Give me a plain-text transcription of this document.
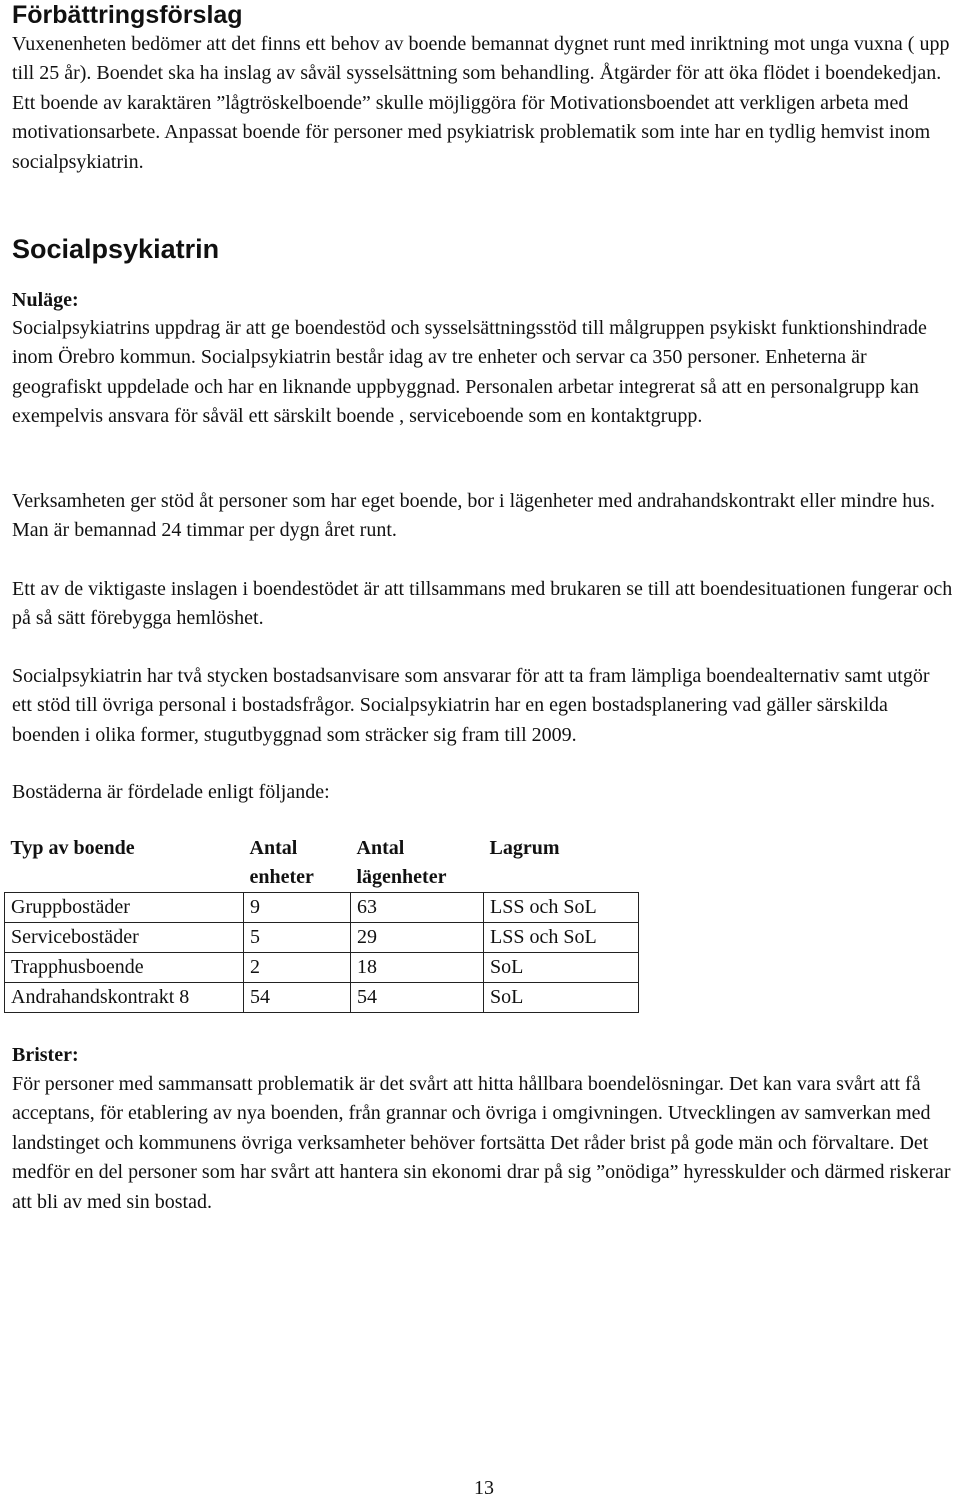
Förbättringsförslag

Vuxenenheten bedömer att det finns ett behov av boende bemannat dygnet runt med inriktning mot unga vuxna ( upp till 25 år). Boendet ska ha inslag av såväl sysselsättning som behandling. Åtgärder för att öka flödet i boendekedjan. Ett boende av karaktären ”lågtröskelboende” skulle möjliggöra för Motivationsboendet att verkligen arbeta med motivationsarbete. Anpassat boende för personer med psykiatrisk problematik som inte har en tydlig hemvist inom socialpsykiatrin.

Socialpsykiatrin

Nuläge:

Socialpsykiatrins uppdrag är att ge boendestöd och sysselsättningsstöd till målgruppen psykiskt funktionshindrade inom Örebro kommun. Socialpsykiatrin består idag av tre enheter och servar ca 350 personer. Enheterna är geografiskt uppdelade och har en liknande uppbyggnad. Personalen arbetar integrerat så att en personalgrupp kan exempelvis ansvara för såväl ett särskilt boende , serviceboende som en kontaktgrupp.

Verksamheten ger stöd åt personer som har eget boende, bor i lägenheter med andrahandskontrakt eller mindre hus. Man är bemannad 24 timmar per dygn året runt.

Ett av de viktigaste inslagen i boendestödet är att tillsammans med brukaren se till att boendesituationen fungerar och på så sätt förebygga hemlöshet.

Socialpsykiatrin har två stycken bostadsanvisare som ansvarar för att ta fram lämpliga boendealternativ samt utgör ett stöd till övriga personal i bostadsfrågor. Socialpsykiatrin har en egen bostadsplanering vad gäller särskilda boenden i olika former, stugutbyggnad som sträcker sig fram till 2009.

Bostäderna är fördelade enligt följande:

Typ av boende	Antal enheter	Antal lägenheter	Lagrum
Gruppbostäder	9	63	LSS och SoL
Servicebostäder	5	29	LSS och SoL
Trapphusboende	2	18	SoL
Andrahandskontrakt 8	54	54	SoL

Brister:

För personer med sammansatt problematik är det svårt att hitta hållbara boendelösningar. Det kan vara svårt att få acceptans, för etablering av nya boenden, från grannar och övriga i omgivningen. Utvecklingen av samverkan med landstinget och kommunens övriga verksamheter behöver fortsätta Det råder brist på gode män och förvaltare. Det medför en del personer som har svårt att hantera sin ekonomi drar på sig ”onödiga” hyresskulder och därmed riskerar att bli av med sin bostad.

13
